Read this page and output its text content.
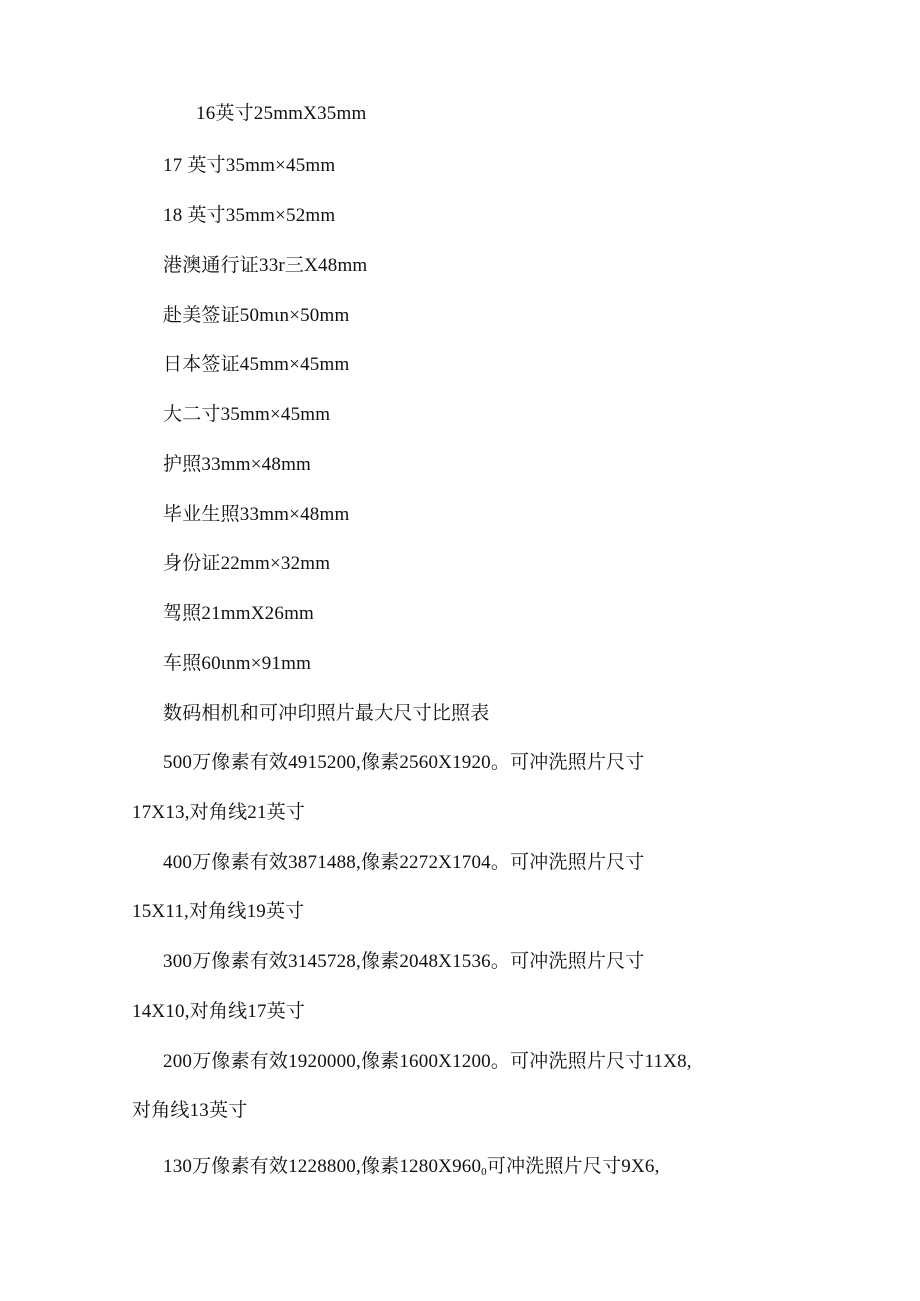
16英寸25mmX35mm
17 英寸35mm×45mm
18 英寸35mm×52mm
港澳通行证33r三X48mm
赴美签证50mιn×50mm
日本签证45mm×45mm
大二寸35mm×45mm
护照33mm×48mm
毕业生照33mm×48mm
身份证22mm×32mm
驾照21mmX26mm
车照60ιnm×91mm
数码相机和可冲印照片最大尺寸比照表
500万像素有效4915200,像素2560X1920。可冲洗照片尺寸
17X13,对角线21英寸
400万像素有效3871488,像素2272X1704。可冲洗照片尺寸
15X11,对角线19英寸
300万像素有效3145728,像素2048X1536。可冲洗照片尺寸
14X10,对角线17英寸
200万像素有效1920000,像素1600X1200。可冲洗照片尺寸11X8,
对角线13英寸
130万像素有效1228800,像素$1280X960_0$可冲洗照片尺寸9X6,
